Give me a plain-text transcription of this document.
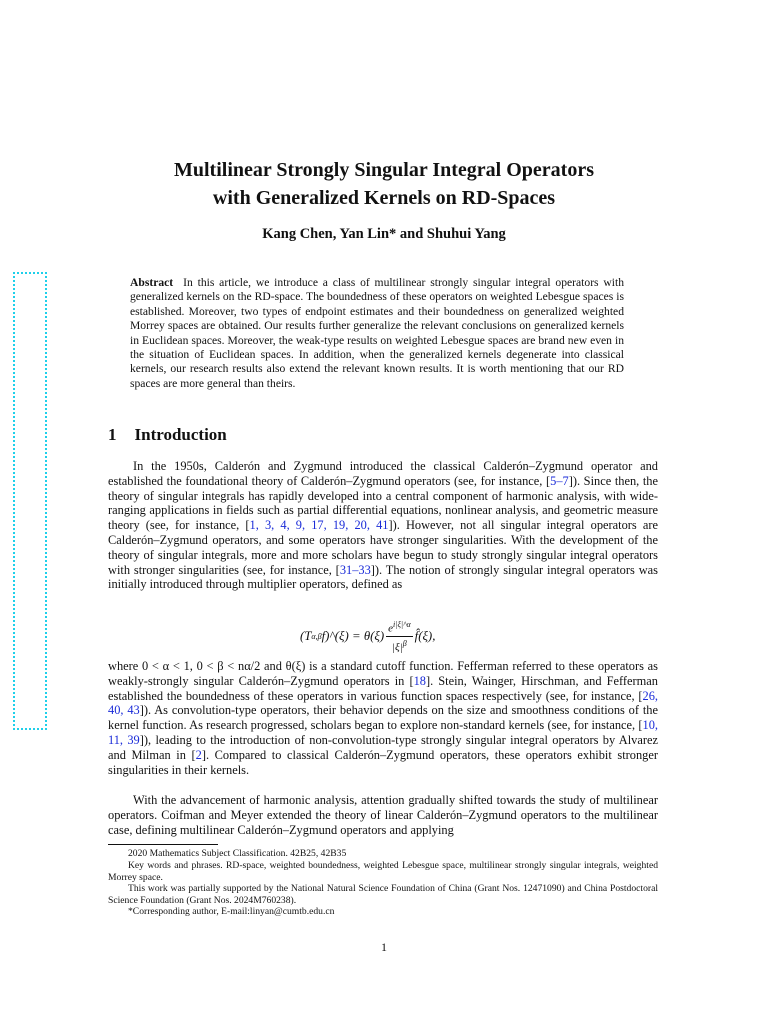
Multilinear Strongly Singular Integral Operators
with Generalized Kernels on RD-Spaces
Kang Chen, Yan Lin* and Shuhui Yang
Abstract In this article, we introduce a class of multilinear strongly singular integral operators with generalized kernels on the RD-space. The boundedness of these operators on weighted Lebesgue spaces is established. Moreover, two types of endpoint estimates and their boundedness on generalized weighted Morrey spaces are obtained. Our results further generalize the relevant conclusions on generalized kernels in Euclidean spaces. Moreover, the weak-type results on weighted Lebesgue spaces are brand new even in the situation of Euclidean spaces. In addition, when the generalized kernels degenerate into classical kernels, our research results also extend the relevant known results. It is worth mentioning that our RD spaces are more general than theirs.
1 Introduction
In the 1950s, Calderón and Zygmund introduced the classical Calderón–Zygmund operator and established the foundational theory of Calderón–Zygmund operators (see, for instance, [5–7]). Since then, the theory of singular integrals has rapidly developed into a central component of harmonic analysis, with wide-ranging applications in fields such as partial differential equations, nonlinear analysis, and geometric measure theory (see, for instance, [1, 3, 4, 9, 17, 19, 20, 41]). However, not all singular integral operators are Calderón–Zygmund operators, and some operators have stronger singularities. With the development of the theory of singular integrals, more and more scholars have begun to study strongly singular integral operators with stronger singularities (see, for instance, [31–33]). The notion of strongly singular integral operators was initially introduced through multiplier operators, defined as
(T α,β f)^(ξ) = $\theta(\xi) \frac{e^{i|\xi|\^{}\alpha}}{|\xi|^\beta}$ f̂(ξ),
where 0 < α < 1, 0 < β < nα/2 and θ(ξ) is a standard cutoff function. Fefferman referred to these operators as weakly-strongly singular Calderón–Zygmund operators in [18]. Stein, Wainger, Hirschman, and Fefferman established the boundedness of these operators in various function spaces respectively (see, for instance, [26, 40, 43]). As convolution-type operators, their behavior depends on the size and smoothness conditions of the kernel function. As research progressed, scholars began to explore non-standard kernels (see, for instance, [10, 11, 39]), leading to the introduction of non-convolution-type strongly singular integral operators by Alvarez and Milman in [2]. Compared to classical Calderón–Zygmund operators, these operators exhibit stronger singularities in their kernels.
With the advancement of harmonic analysis, attention gradually shifted towards the study of multilinear operators. Coifman and Meyer extended the theory of linear Calderón–Zygmund operators to the multilinear case, defining multilinear Calderón–Zygmund operators and applying
2020 Mathematics Subject Classification. 42B25, 42B35
Key words and phrases. RD-space, weighted boundedness, weighted Lebesgue space, multilinear strongly singular integrals, weighted Morrey space.
This work was partially supported by the National Natural Science Foundation of China (Grant Nos. 12471090) and China Postdoctoral Science Foundation (Grant Nos. 2024M760238).
*Corresponding author, E-mail:linyan@cumtb.edu.cn
1
